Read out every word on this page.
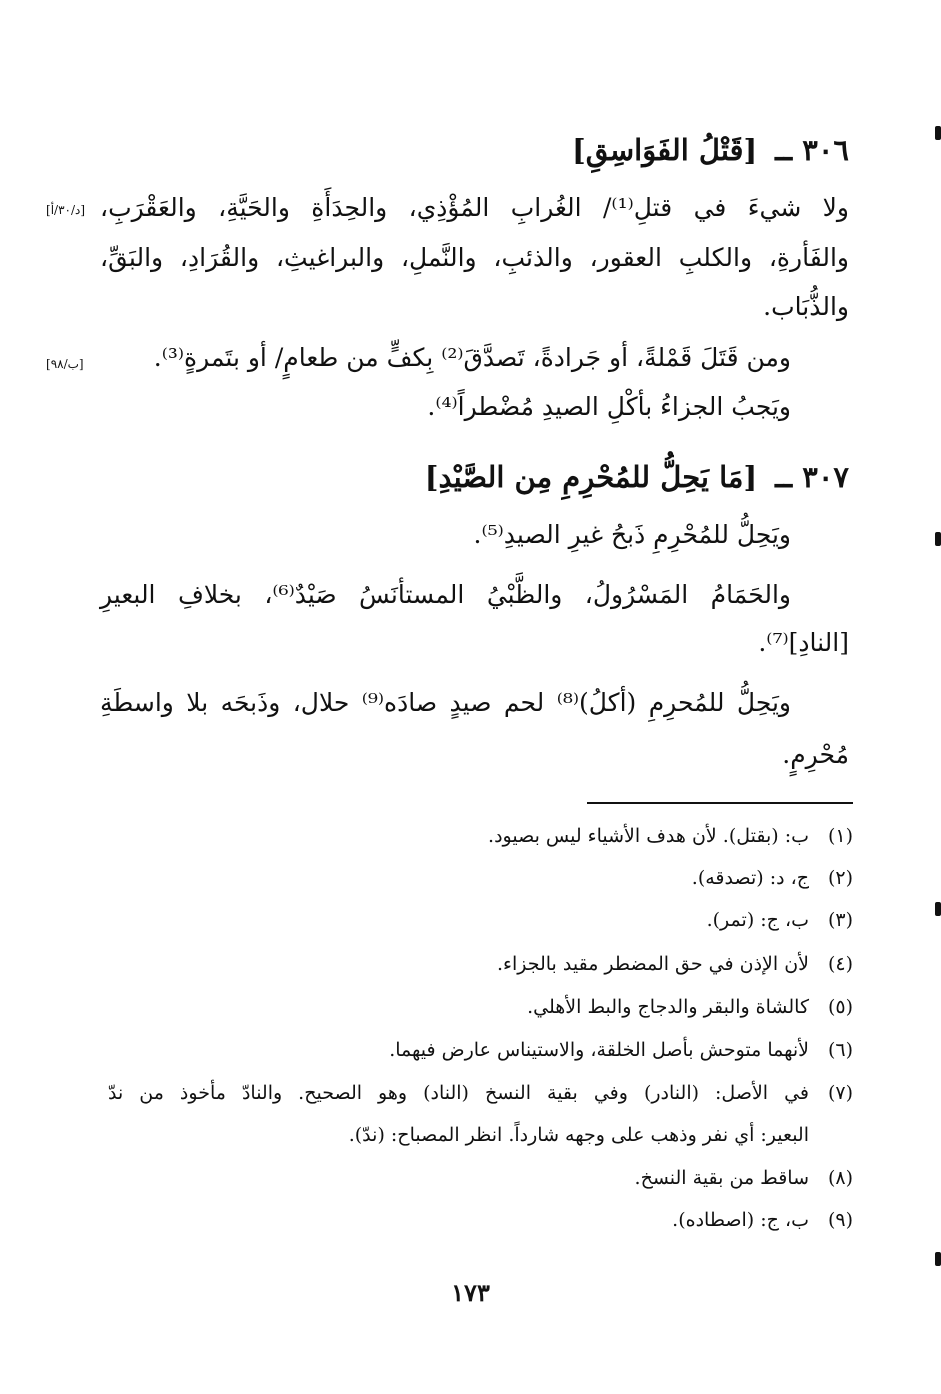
٣٠٦ ــ[قَتْلُ الفَوَاسِقِ]
ولا شيءَ في قتلِ⁽¹⁾/ الغُرابِ المُؤْذِي، والحِدَأَةِ والحَيَّةِ، والعَقْرَبِ،
[د/٣٠/أ]
والفَأرةِ، والكلبِ العقور، والذئبِ، والنَّملِ، والبراغيثِ، والقُرَادِ، والبَقِّ،
والذُّبَاب.
ومن قَتَلَ قَمْلةً، أو جَرادةً، تَصدَّقَ⁽²⁾ بِكفٍّ من طعامٍ/ أو بتَمرةٍ⁽³⁾.
[ب/٩٨]
ويَجبُ الجزاءُ بأكْلِ الصيدِ مُضْطراً⁽⁴⁾.
٣٠٧ ــ[مَا يَحِلُّ للمُحْرِمِ مِن الصَّيْدِ]
ويَحِلُّ للمُحْرِمِ ذَبحُ غيرِ الصيدِ⁽⁵⁾.
والحَمَامُ المَسْرُولُ، والظَّبْيُ المستأنَسُ صَيْدٌ⁽⁶⁾، بخلافِ البعيرِ
[النادِ]⁽⁷⁾.
ويَحِلُّ للمُحرِمِ (أكلُ)⁽⁸⁾ لحم صيدٍ صادَه⁽⁹⁾ حلال، وذَبحَه بلا واسطَةِ
مُحْرِمٍ.
(١)ب: (بقتل). لأن هدف الأشياء ليس بصيود.
(٢)ج، د: (تصدقه).
(٣)ب، ج: (تمر).
(٤)لأن الإذن في حق المضطر مقيد بالجزاء.
(٥)كالشاة والبقر والدجاج والبط الأهلي.
(٦)لأنهما متوحش بأصل الخلقة، والاستيناس عارض فيهما.
(٧)في الأصل: (النادر) وفي بقية النسخ (الناد) وهو الصحيح. والنادّ مأخوذ من ندّ
البعير: أي نفر وذهب على وجهه شارداً. انظر المصباح: (ندّ).
(٨)ساقط من بقية النسخ.
(٩)ب، ج: (اصطاده).
١٧٣
